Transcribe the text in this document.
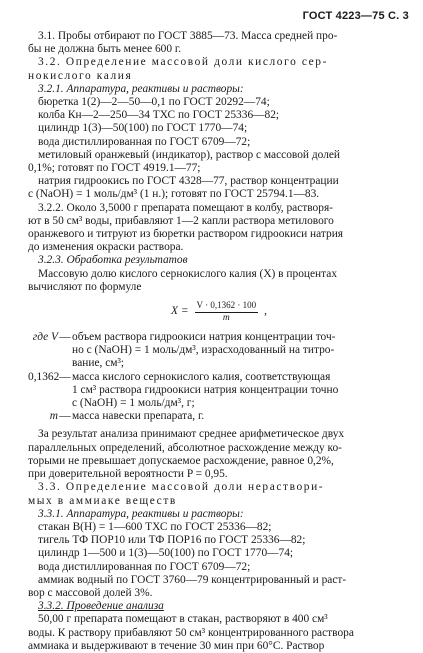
ГОСТ 4223—75 С. 3

3.1. Пробы отбирают по ГОСТ 3885—73. Масса средней про-

бы не должна быть менее 600 г.

3.2. Определение массовой доли кислого сер-

нокислого калия

3.2.1. Аппаратура, реактивы и растворы:

бюретка 1(2)—2—50—0,1 по ГОСТ 20292—74;

колба Кн—2—250—34 ТХС по ГОСТ 25336—82;

цилиндр 1(3)—50(100) по ГОСТ 1770—74;

вода дистиллированная по ГОСТ 6709—72;

метиловый оранжевый (индикатор), раствор с массовой долей

0,1%; готовят по ГОСТ 4919.1—77;

натрия гидроокись по ГОСТ 4328—77, раствор концентрации

с (NaOH) = 1 моль/дм³ (1 н.); готовят по ГОСТ 25794.1—83.

3.2.2. Около 3,5000 г препарата помещают в колбу, растворя-

ют в 50 см³ воды, прибавляют 1—2 капли раствора метилового

оранжевого и титруют из бюретки раствором гидроокиси натрия

до изменения окраски раствора.

3.2.3. Обработка результатов

Массовую долю кислого сернокислого калия (X) в процентах

вычисляют по формуле

$X = \frac{V \cdot 0,1362 \cdot 100}{m}$ ,
где V — объем раствора гидроокиси натрия концентрации точ-
но с (NaOH) = 1 моль/дм³, израсходованный на титро-
вание, см³;
0,1362 — масса кислого сернокислого калия, соответствующая
1 см³ раствора гидроокиси натрия концентрации точно
с (NaOH) = 1 моль/дм³, г;
m — масса навески препарата, г.

За результат анализа принимают среднее арифметическое двух

параллельных определений, абсолютное расхождение между ко-

торыми не превышает допускаемое расхождение, равное 0,2%,

при доверительной вероятности P = 0,95.

3.3. Определение массовой доли нераствори-

мых в аммиаке веществ

3.3.1. Аппаратура, реактивы и растворы:

стакан В(Н) = 1—600 ТХС по ГОСТ 25336—82;

тигель ТФ ПОР10 или ТФ ПОР16 по ГОСТ 25336—82;

цилиндр 1—500 и 1(3)—50(100) по ГОСТ 1770—74;

вода дистиллированная по ГОСТ 6709—72;

аммиак водный по ГОСТ 3760—79 концентрированный и раст-

вор с массовой долей 3%.

3.3.2. Проведение анализа

50,00 г препарата помещают в стакан, растворяют в 400 см³

воды. К раствору прибавляют 50 см³ концентрированного раствора

аммиака и выдерживают в течение 30 мин при 60°С. Раствор
